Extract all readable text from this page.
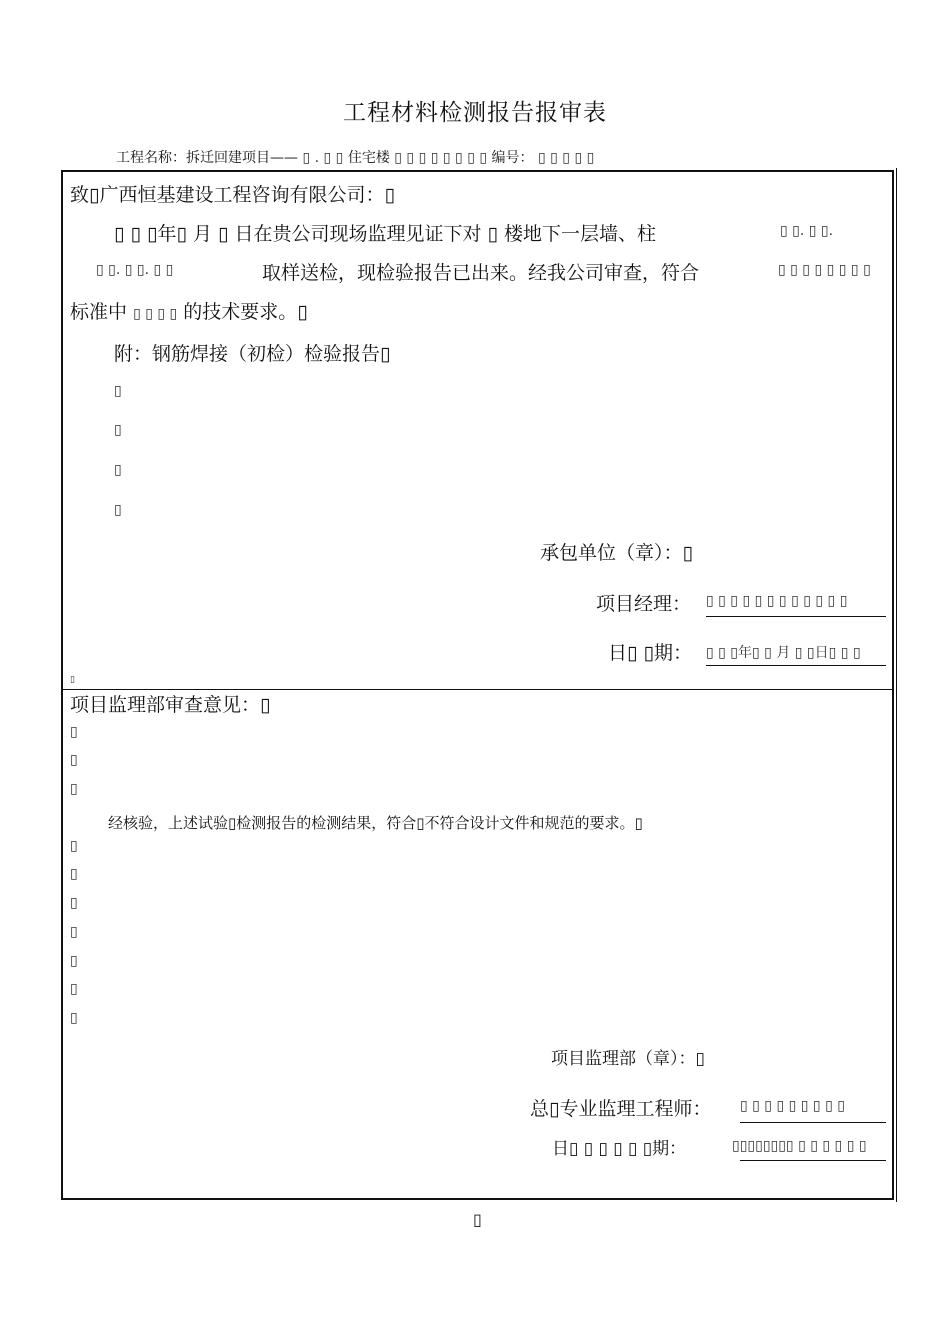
工程材料检测报告报审表
工程名称：拆迁回建项目—— ▯ . ▯ ▯ 住宅楼 ▯ ▯ ▯ ▯ ▯ ▯ ▯ ▯ 编号： ▯ ▯ ▯ ▯ ▯
致▯广西恒基建设工程咨询有限公司：▯
▯ ▯ ▯年▯ 月 ▯ 日在贵公司现场监理见证下对 ▯ 楼地下一层墙、柱	▯ ▯. ▯ ▯.
▯ ▯. ▯ ▯. ▯ ▯	取样送检，现检验报告已出来。经我公司审查，符合	▯ ▯ ▯ ▯ ▯ ▯ ▯ ▯
标准中 ▯ ▯ ▯ ▯ 的技术要求。▯
附：钢筋焊接（初检）检验报告▯
▯
▯
▯
▯
承包单位（章）：▯
项目经理： ▯ ▯ ▯ ▯ ▯ ▯ ▯ ▯ ▯ ▯ ▯ ▯
日▯ ▯期： ▯ ▯ ▯年▯ ▯ 月 ▯ ▯日▯ ▯ ▯
▯
项目监理部审查意见：▯
▯
▯
▯
经核验，上述试验▯检测报告的检测结果，符合▯不符合设计文件和规范的要求。▯
▯
▯
▯
▯
▯
▯
▯
项目监理部（章）：▯
总▯专业监理工程师： ▯ ▯ ▯ ▯ ▯ ▯ ▯ ▯ ▯
日▯ ▯ ▯ ▯ ▯ ▯期：	▯▯▯▯▯▯▯▯ ▯ ▯ ▯ ▯ ▯ ▯
▯
